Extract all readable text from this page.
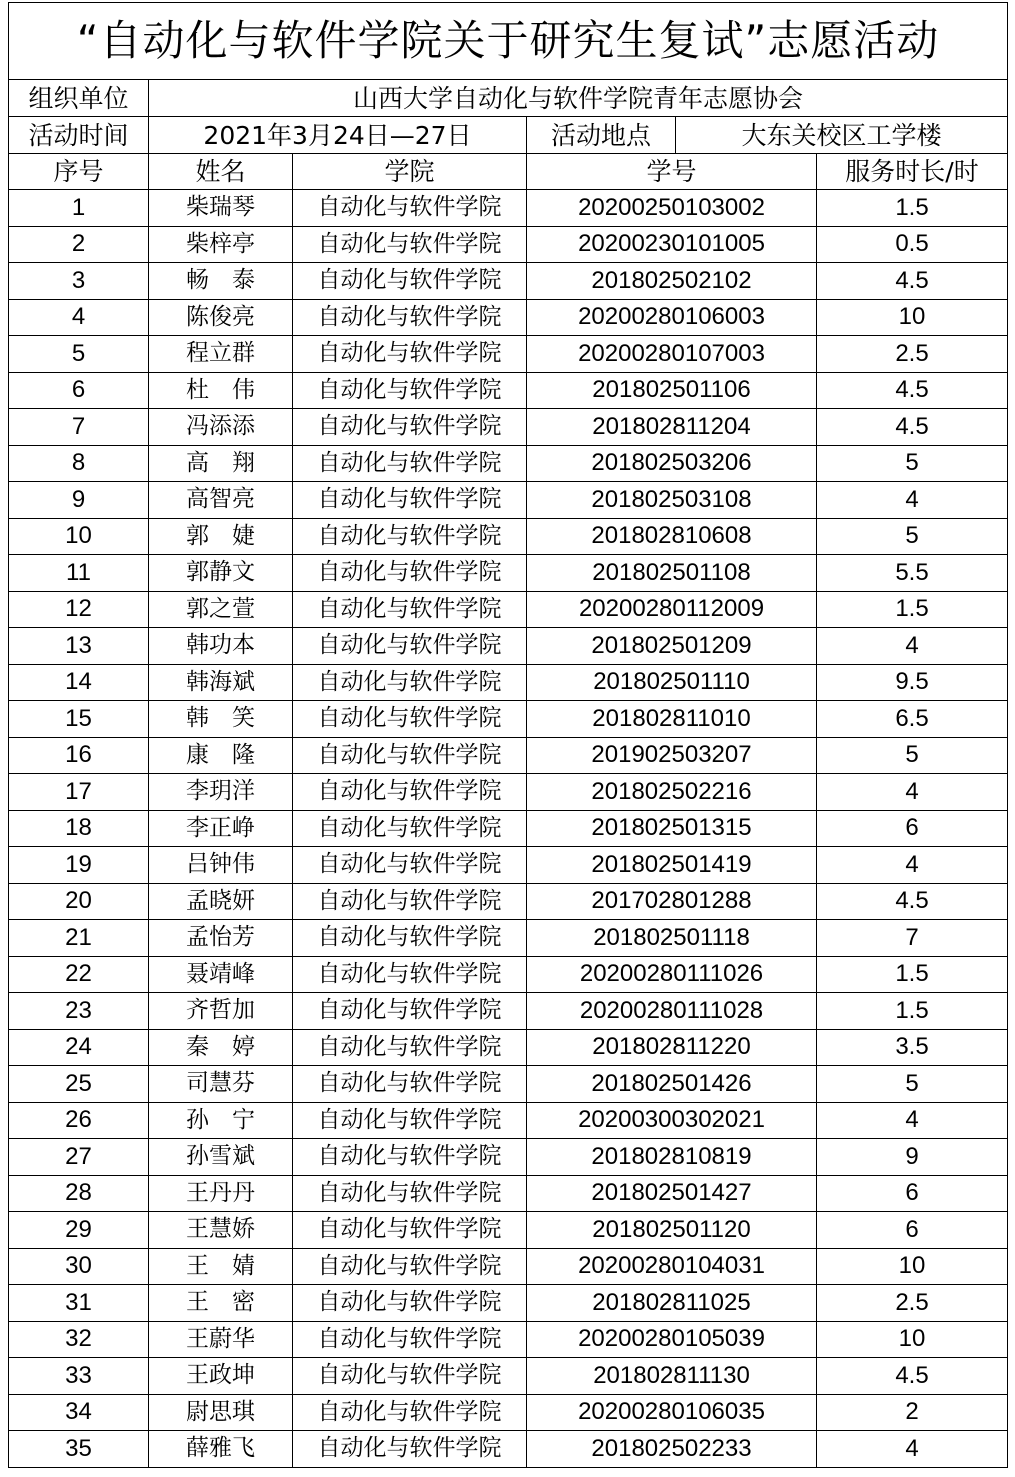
“自动化与软件学院关于研究生复试”志愿活动					
组织单位	山西大学自动化与软件学院青年志愿协会				
活动时间	2021年3月24日—27日		活动地点	大东关校区工学楼	
序号	姓名	学院	学号		服务时长/时
1	柴瑞琴	自动化与软件学院	20200250103002		1.5
2	柴梓亭	自动化与软件学院	20200230101005		0.5
3	畅　泰	自动化与软件学院	201802502102		4.5
4	陈俊亮	自动化与软件学院	20200280106003		10
5	程立群	自动化与软件学院	20200280107003		2.5
6	杜　伟	自动化与软件学院	201802501106		4.5
7	冯添添	自动化与软件学院	201802811204		4.5
8	高　翔	自动化与软件学院	201802503206		5
9	高智亮	自动化与软件学院	201802503108		4
10	郭　婕	自动化与软件学院	201802810608		5
11	郭静文	自动化与软件学院	201802501108		5.5
12	郭之萱	自动化与软件学院	20200280112009		1.5
13	韩功本	自动化与软件学院	201802501209		4
14	韩海斌	自动化与软件学院	201802501110		9.5
15	韩　笑	自动化与软件学院	201802811010		6.5
16	康　隆	自动化与软件学院	201902503207		5
17	李玥洋	自动化与软件学院	201802502216		4
18	李正峥	自动化与软件学院	201802501315		6
19	吕钟伟	自动化与软件学院	201802501419		4
20	孟晓妍	自动化与软件学院	201702801288		4.5
21	孟怡芳	自动化与软件学院	201802501118		7
22	聂靖峰	自动化与软件学院	20200280111026		1.5
23	齐哲加	自动化与软件学院	20200280111028		1.5
24	秦　婷	自动化与软件学院	201802811220		3.5
25	司慧芬	自动化与软件学院	201802501426		5
26	孙　宁	自动化与软件学院	20200300302021		4
27	孙雪斌	自动化与软件学院	201802810819		9
28	王丹丹	自动化与软件学院	201802501427		6
29	王慧娇	自动化与软件学院	201802501120		6
30	王　婧	自动化与软件学院	20200280104031		10
31	王　密	自动化与软件学院	201802811025		2.5
32	王蔚华	自动化与软件学院	20200280105039		10
33	王政坤	自动化与软件学院	201802811130		4.5
34	尉思琪	自动化与软件学院	20200280106035		2
35	薛雅飞	自动化与软件学院	201802502233		4
